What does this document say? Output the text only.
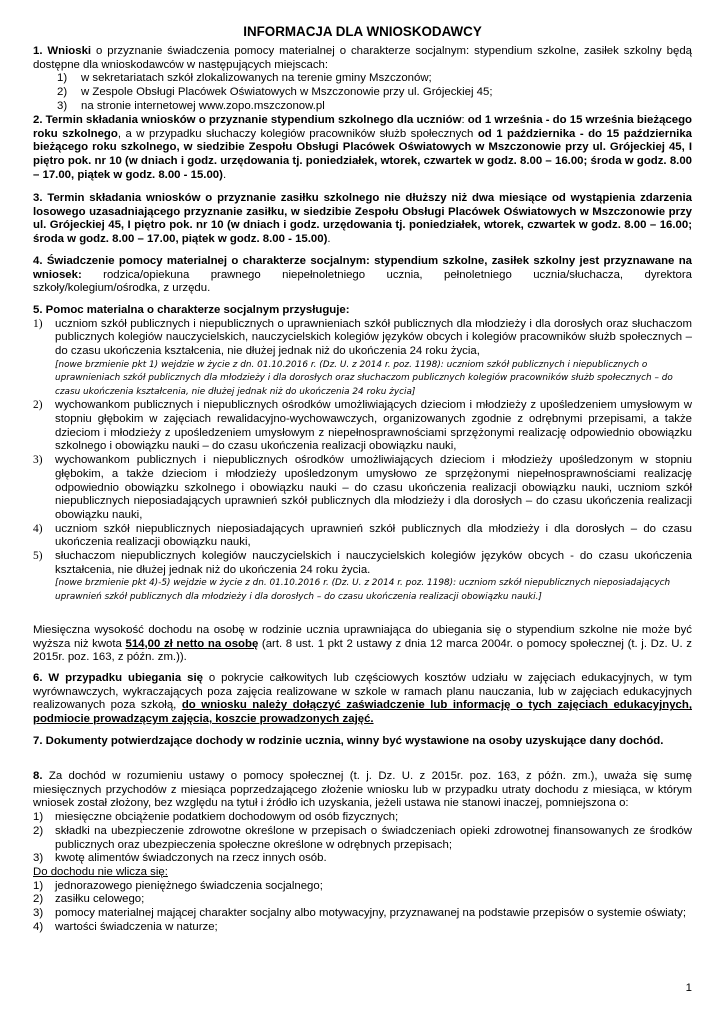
INFORMACJA DLA WNIOSKODAWCY
1. Wnioski o przyznanie świadczenia pomocy materialnej o charakterze socjalnym: stypendium szkolne, zasiłek szkolny będą dostępne dla wnioskodawców w następujących miejscach:
1) w sekretariatach szkół zlokalizowanych na terenie gminy Mszczonów;
2) w Zespole Obsługi Placówek Oświatowych w Mszczonowie przy ul. Grójeckiej 45;
3) na stronie internetowej www.zopo.mszczonow.pl
2. Termin składania wniosków o przyznanie stypendium szkolnego dla uczniów: od 1 września - do 15 września bieżącego roku szkolnego, a w przypadku słuchaczy kolegiów pracowników służb społecznych od 1 października - do 15 października bieżącego roku szkolnego, w siedzibie Zespołu Obsługi Placówek Oświatowych w Mszczonowie przy ul. Grójeckiej 45, I piętro pok. nr 10 (w dniach i godz. urzędowania tj. poniedziałek, wtorek, czwartek w godz. 8.00 – 16.00; środa w godz. 8.00 – 17.00, piątek w godz. 8.00 - 15.00).
3. Termin składania wniosków o przyznanie zasiłku szkolnego nie dłuższy niż dwa miesiące od wystąpienia zdarzenia losowego uzasadniającego przyznanie zasiłku, w siedzibie Zespołu Obsługi Placówek Oświatowych w Mszczonowie przy ul. Grójeckiej 45, I piętro pok. nr 10 (w dniach i godz. urzędowania tj. poniedziałek, wtorek, czwartek w godz. 8.00 – 16.00; środa w godz. 8.00 – 17.00, piątek w godz. 8.00 - 15.00).
4. Świadczenie pomocy materialnej o charakterze socjalnym: stypendium szkolne, zasiłek szkolny jest przyznawane na wniosek: rodzica/opiekuna prawnego niepełnoletniego ucznia, pełnoletniego ucznia/słuchacza, dyrektora szkoły/kolegium/ośrodka, z urzędu.
5. Pomoc materialna o charakterze socjalnym przysługuje:
1) uczniom szkół publicznych i niepublicznych o uprawnieniach szkół publicznych dla młodzieży i dla dorosłych oraz słuchaczom publicznych kolegiów nauczycielskich, nauczycielskich kolegiów języków obcych i kolegiów pracowników służb społecznych – do czasu ukończenia kształcenia, nie dłużej jednak niż do ukończenia 24 roku życia,
[nowe brzmienie pkt 1) wejdzie w życie z dn. 01.10.2016 r. (Dz. U. z 2014 r. poz. 1198): uczniom szkół publicznych i niepublicznych o uprawnieniach szkół publicznych dla młodzieży i dla dorosłych oraz słuchaczom publicznych kolegiów pracowników służb społecznych – do czasu ukończenia kształcenia, nie dłużej jednak niż do ukończenia 24 roku życia]
2) wychowankom publicznych i niepublicznych ośrodków umożliwiających dzieciom i młodzieży z upośledzeniem umysłowym w stopniu głębokim w zajęciach rewalidacyjno-wychowawczych, organizowanych zgodnie z odrębnymi przepisami, a także dzieciom i młodzieży z upośledzeniem umysłowym z niepełnosprawnościami sprzężonymi realizację odpowiednio obowiązku szkolnego i obowiązku nauki – do czasu ukończenia realizacji obowiązku nauki,
3) wychowankom publicznych i niepublicznych ośrodków umożliwiających dzieciom i młodzieży upośledzonym w stopniu głębokim, a także dzieciom i młodzieży upośledzonym umysłowo ze sprzężonymi niepełnosprawnościami realizację odpowiednio obowiązku szkolnego i obowiązku nauki – do czasu ukończenia realizacji obowiązku nauki, uczniom szkół niepublicznych nieposiadających uprawnień szkół publicznych dla młodzieży i dla dorosłych – do czasu ukończenia realizacji obowiązku nauki,
4) uczniom szkół niepublicznych nieposiadających uprawnień szkół publicznych dla młodzieży i dla dorosłych – do czasu ukończenia realizacji obowiązku nauki,
5) słuchaczom niepublicznych kolegiów nauczycielskich i nauczycielskich kolegiów języków obcych - do czasu ukończenia kształcenia, nie dłużej jednak niż do ukończenia 24 roku życia.
[nowe brzmienie pkt 4)-5) wejdzie w życie z dn. 01.10.2016 r. (Dz. U. z 2014 r. poz. 1198): uczniom szkół niepublicznych nieposiadających uprawnień szkół publicznych dla młodzieży i dla dorosłych – do czasu ukończenia realizacji obowiązku nauki.]
Miesięczna wysokość dochodu na osobę w rodzinie ucznia uprawniająca do ubiegania się o stypendium szkolne nie może być wyższa niż kwota 514,00 zł netto na osobę (art. 8 ust. 1 pkt 2 ustawy z dnia 12 marca 2004r. o pomocy społecznej (t. j. Dz. U. z 2015r. poz. 163, z późn. zm.)).
6. W przypadku ubiegania się o pokrycie całkowitych lub częściowych kosztów udziału w zajęciach edukacyjnych, w tym wyrównawczych, wykraczających poza zajęcia realizowane w szkole w ramach planu nauczania, lub w zajęciach edukacyjnych realizowanych poza szkołą, do wniosku należy dołączyć zaświadczenie lub informację o tych zajęciach edukacyjnych, podmiocie prowadzącym zajęcia, koszcie prowadzonych zajęć.
7. Dokumenty potwierdzające dochody w rodzinie ucznia, winny być wystawione na osoby uzyskujące dany dochód.
8. Za dochód w rozumieniu ustawy o pomocy społecznej (t. j. Dz. U. z 2015r. poz. 163, z późn. zm.), uważa się sumę miesięcznych przychodów z miesiąca poprzedzającego złożenie wniosku lub w przypadku utraty dochodu z miesiąca, w którym wniosek został złożony, bez względu na tytuł i źródło ich uzyskania, jeżeli ustawa nie stanowi inaczej, pomniejszona o:
1) miesięczne obciążenie podatkiem dochodowym od osób fizycznych;
2) składki na ubezpieczenie zdrowotne określone w przepisach o świadczeniach opieki zdrowotnej finansowanych ze środków publicznych oraz ubezpieczenia społeczne określone w odrębnych przepisach;
3) kwotę alimentów świadczonych na rzecz innych osób.
Do dochodu nie wlicza się:
1) jednorazowego pieniężnego świadczenia socjalnego;
2) zasiłku celowego;
3) pomocy materialnej mającej charakter socjalny albo motywacyjny, przyznawanej na podstawie przepisów o systemie oświaty;
4) wartości świadczenia w naturze;
1
